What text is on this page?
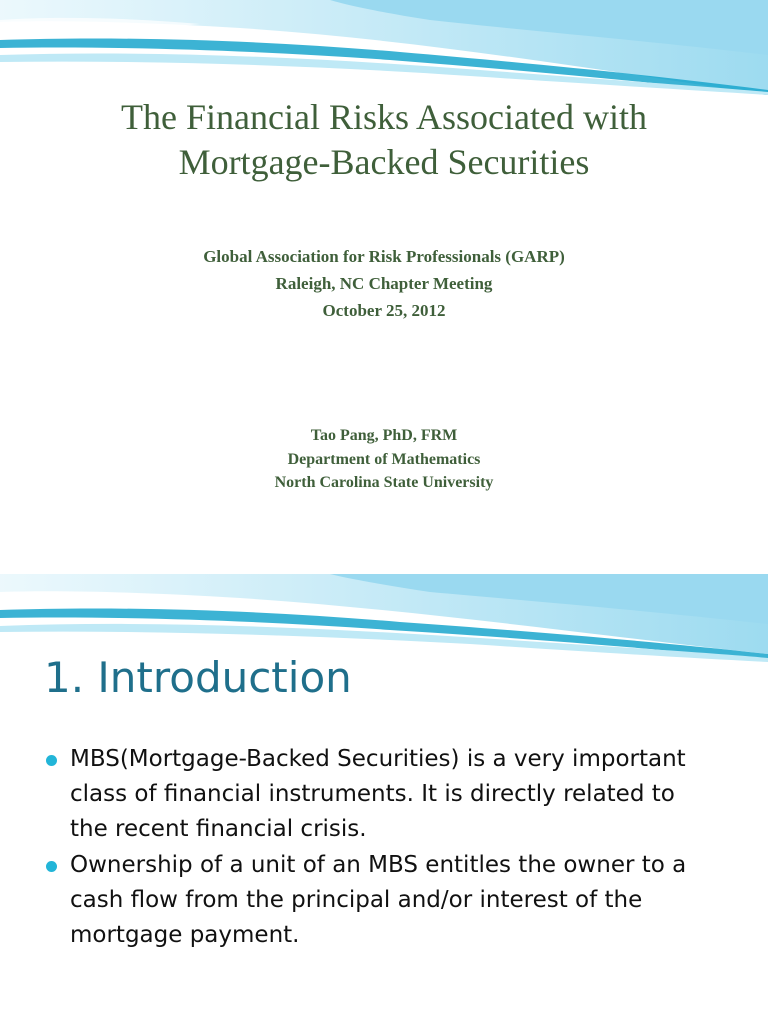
The Financial Risks Associated with
Mortgage-Backed Securities
Global Association for Risk Professionals (GARP)
Raleigh, NC Chapter Meeting
October 25, 2012
Tao Pang, PhD, FRM
Department of Mathematics
North Carolina State University
1. Introduction
MBS(Mortgage-Backed Securities) is a very important
class of financial instruments. It is directly related to
the recent financial crisis.
Ownership of a unit of an MBS entitles the owner to a
cash flow from the principal and/or interest of the
mortgage payment.
